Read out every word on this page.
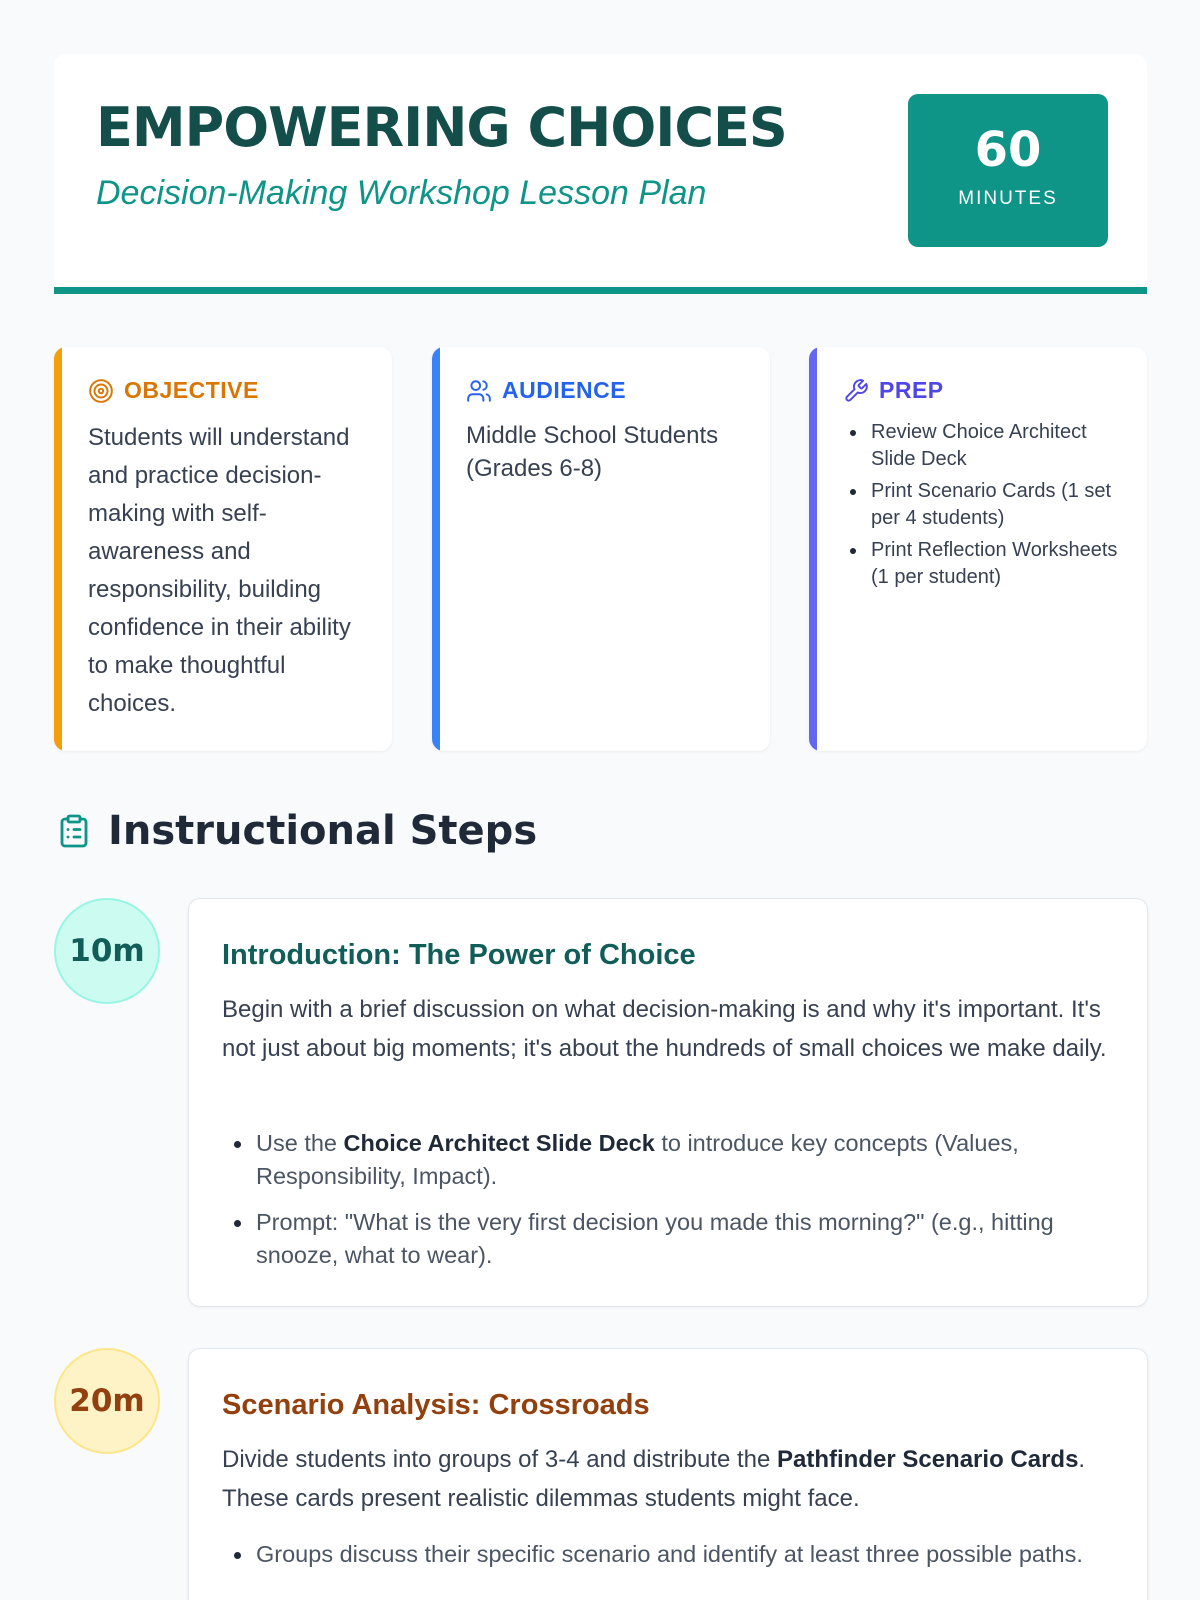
EMPOWERING CHOICES
Decision-Making Workshop Lesson Plan
60
MINUTES
OBJECTIVE
Students will understand and practice decision-making with self-awareness and responsibility, building confidence in their ability to make thoughtful choices.
AUDIENCE
Middle School Students (Grades 6-8)
PREP
Review Choice Architect Slide Deck
Print Scenario Cards (1 set per 4 students)
Print Reflection Worksheets (1 per student)
Instructional Steps
10m	Introduction: The Power of Choice
Begin with a brief discussion on what decision-making is and why it's important. It's not just about big moments; it's about the hundreds of small choices we make daily.
Use the Choice Architect Slide Deck to introduce key concepts (Values, Responsibility, Impact).
Prompt: "What is the very first decision you made this morning?" (e.g., hitting snooze, what to wear).
20m	Scenario Analysis: Crossroads
Divide students into groups of 3-4 and distribute the Pathfinder Scenario Cards. These cards present realistic dilemmas students might face.
Groups discuss their specific scenario and identify at least three possible paths.
